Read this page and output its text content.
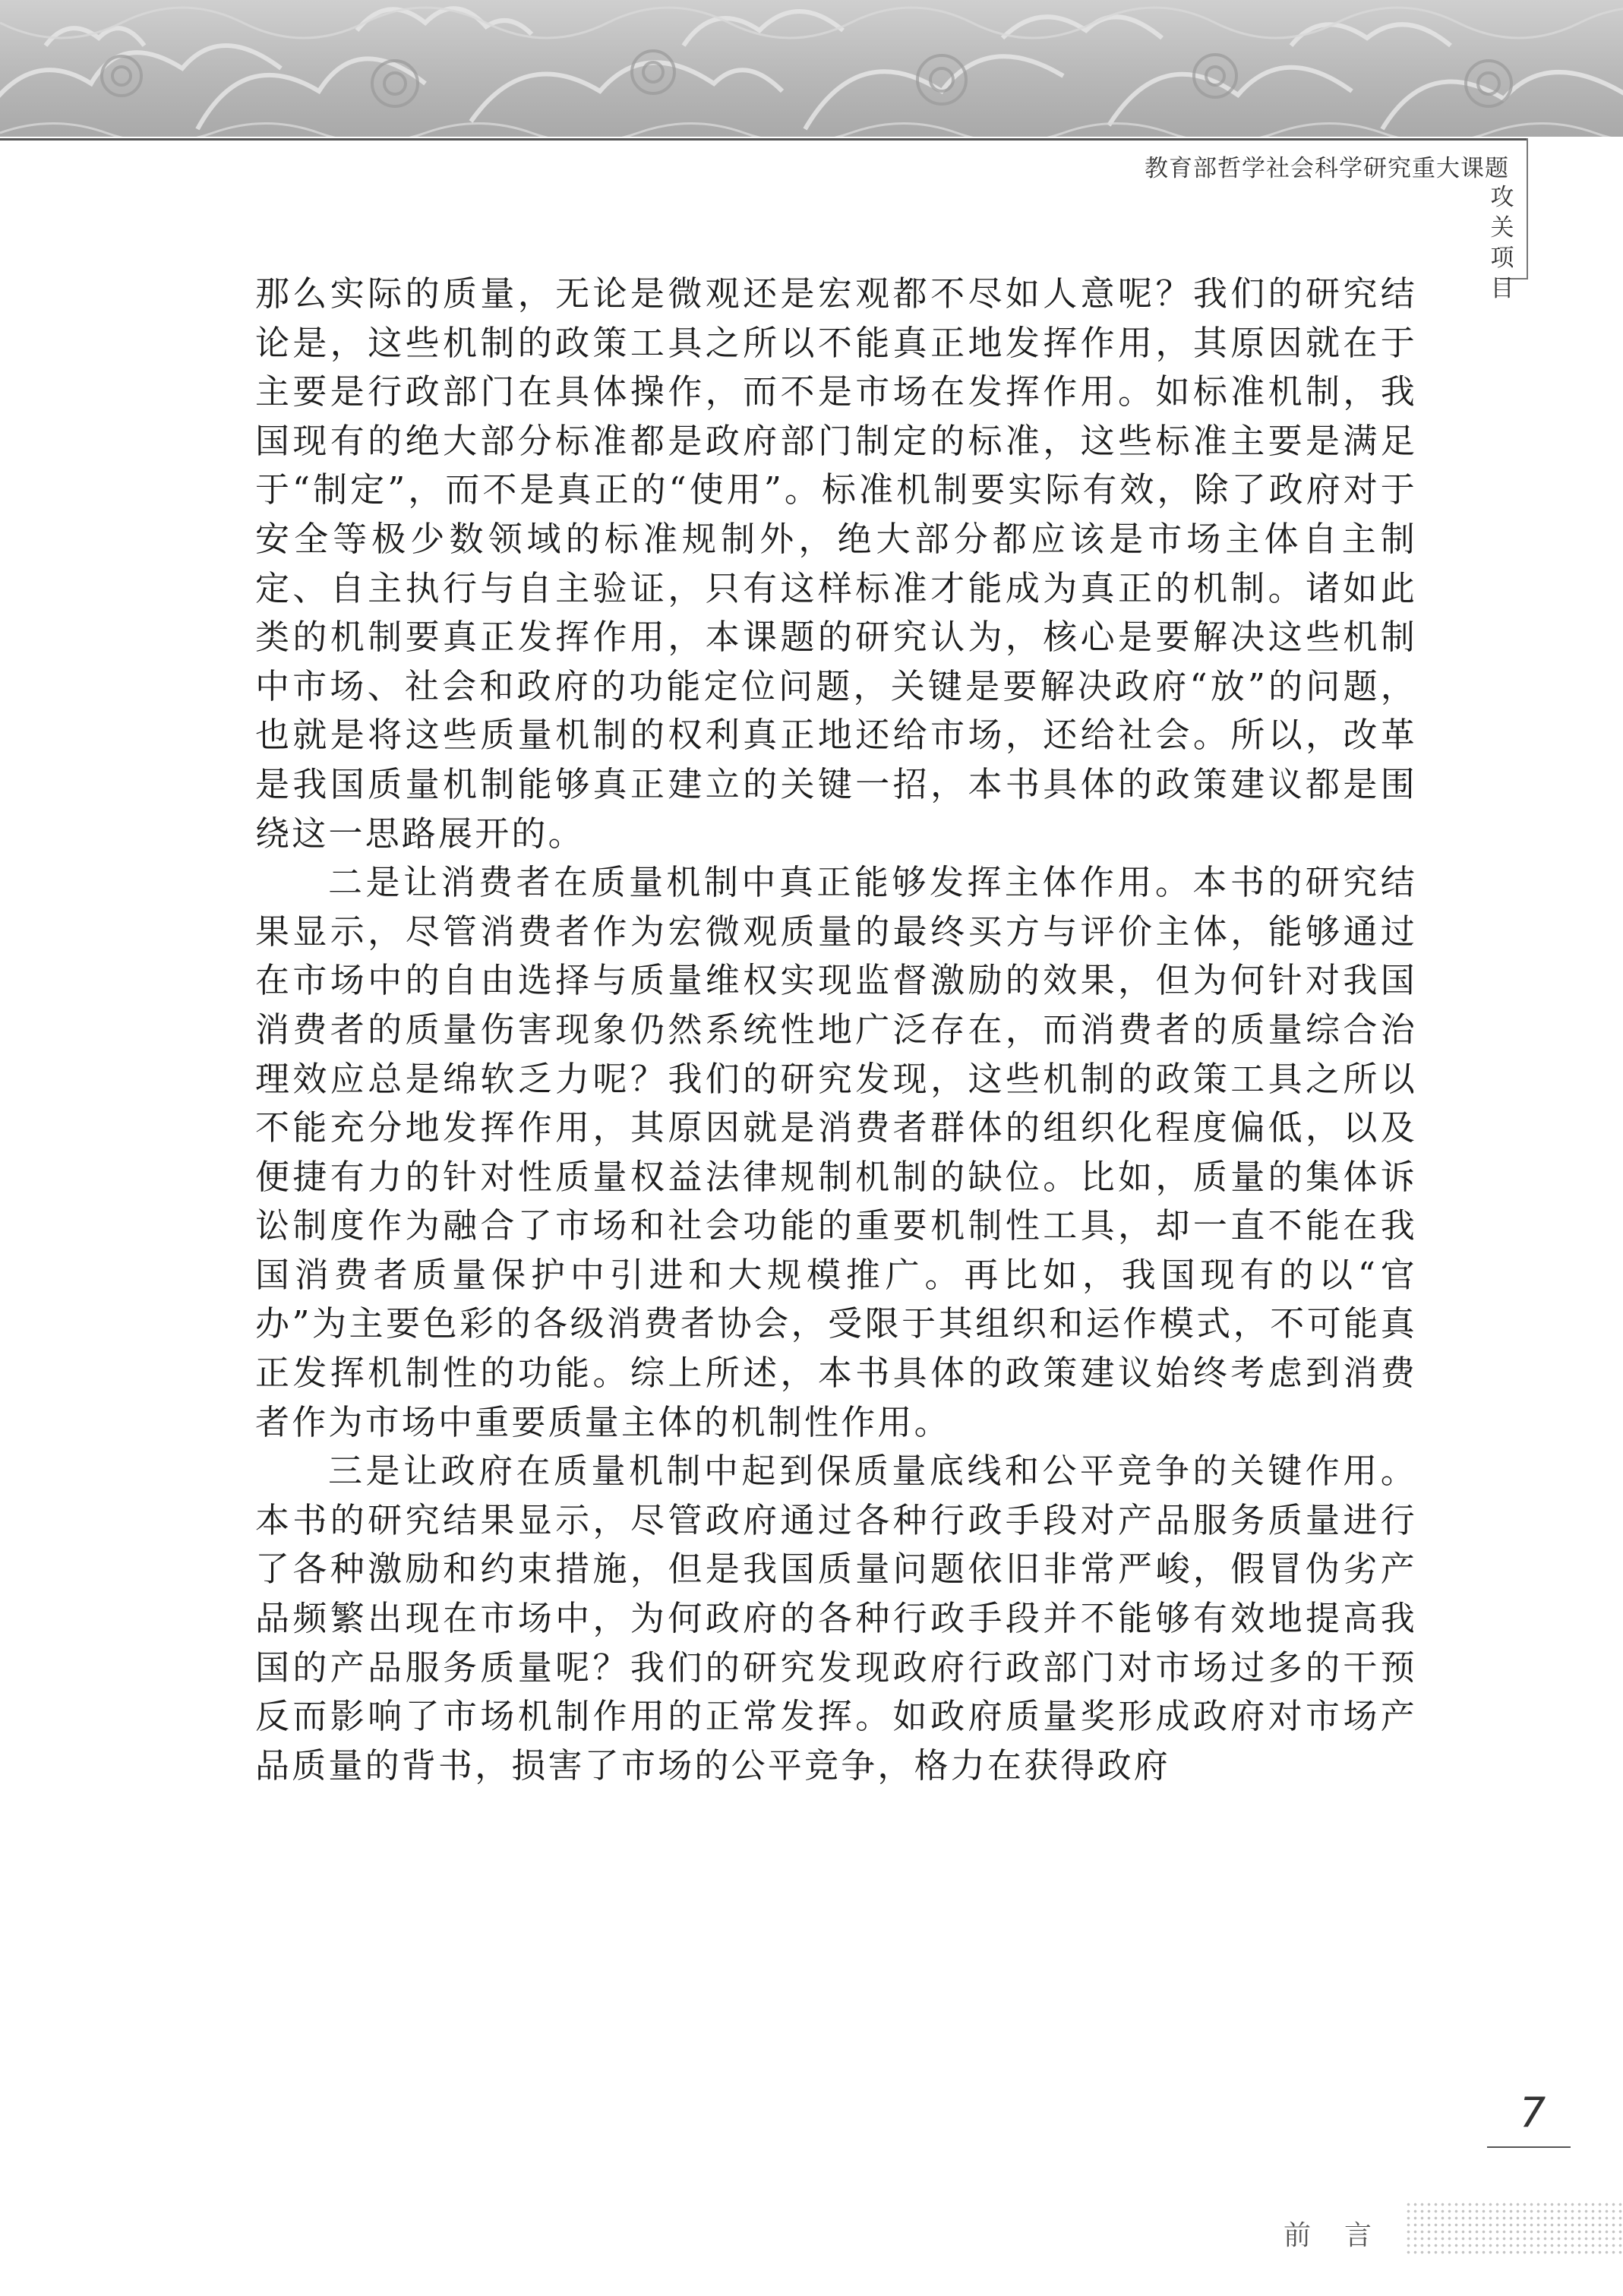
教育部哲学社会科学研究重大课题
攻关项目

那么实际的质量，无论是微观还是宏观都不尽如人意呢？我们的研究结论是，这些机制的政策工具之所以不能真正地发挥作用，其原因就在于主要是行政部门在具体操作，而不是市场在发挥作用。如标准机制，我国现有的绝大部分标准都是政府部门制定的标准，这些标准主要是满足于“制定”，而不是真正的“使用”。标准机制要实际有效，除了政府对于安全等极少数领域的标准规制外，绝大部分都应该是市场主体自主制定、自主执行与自主验证，只有这样标准才能成为真正的机制。诸如此类的机制要真正发挥作用，本课题的研究认为，核心是要解决这些机制中市场、社会和政府的功能定位问题，关键是要解决政府“放”的问题，也就是将这些质量机制的权利真正地还给市场，还给社会。所以，改革是我国质量机制能够真正建立的关键一招，本书具体的政策建议都是围绕这一思路展开的。

二是让消费者在质量机制中真正能够发挥主体作用。本书的研究结果显示，尽管消费者作为宏微观质量的最终买方与评价主体，能够通过在市场中的自由选择与质量维权实现监督激励的效果，但为何针对我国消费者的质量伤害现象仍然系统性地广泛存在，而消费者的质量综合治理效应总是绵软乏力呢？我们的研究发现，这些机制的政策工具之所以不能充分地发挥作用，其原因就是消费者群体的组织化程度偏低，以及便捷有力的针对性质量权益法律规制机制的缺位。比如，质量的集体诉讼制度作为融合了市场和社会功能的重要机制性工具，却一直不能在我国消费者质量保护中引进和大规模推广。再比如，我国现有的以“官办”为主要色彩的各级消费者协会，受限于其组织和运作模式，不可能真正发挥机制性的功能。综上所述，本书具体的政策建议始终考虑到消费者作为市场中重要质量主体的机制性作用。

三是让政府在质量机制中起到保质量底线和公平竞争的关键作用。本书的研究结果显示，尽管政府通过各种行政手段对产品服务质量进行了各种激励和约束措施，但是我国质量问题依旧非常严峻，假冒伪劣产品频繁出现在市场中，为何政府的各种行政手段并不能够有效地提高我国的产品服务质量呢？我们的研究发现政府行政部门对市场过多的干预反而影响了市场机制作用的正常发挥。如政府质量奖形成政府对市场产品质量的背书，损害了市场的公平竞争，格力在获得政府

7
前言
